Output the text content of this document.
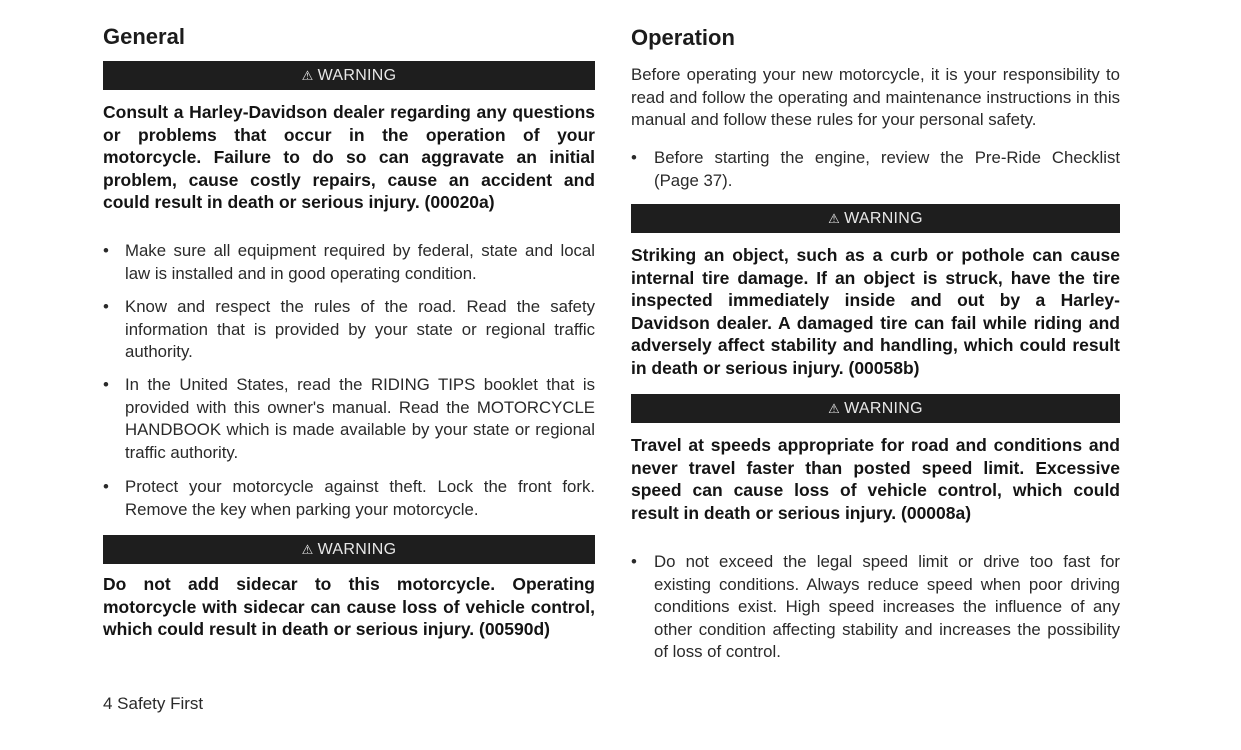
General
⚠ WARNING
Consult a Harley-Davidson dealer regarding any questions or problems that occur in the operation of your motorcycle. Failure to do so can aggravate an initial problem, cause costly repairs, cause an accident and could result in death or serious injury. (00020a)
• Make sure all equipment required by federal, state and local law is installed and in good operating condition.
• Know and respect the rules of the road. Read the safety information that is provided by your state or regional traffic authority.
• In the United States, read the RIDING TIPS booklet that is provided with this owner's manual. Read the MOTORCYCLE HANDBOOK which is made available by your state or regional traffic authority.
• Protect your motorcycle against theft. Lock the front fork. Remove the key when parking your motorcycle.
⚠ WARNING
Do not add sidecar to this motorcycle. Operating motorcycle with sidecar can cause loss of vehicle control, which could result in death or serious injury. (00590d)
Operation
Before operating your new motorcycle, it is your responsibility to read and follow the operating and maintenance instructions in this manual and follow these rules for your personal safety.
• Before starting the engine, review the Pre-Ride Checklist (Page 37).
⚠ WARNING
Striking an object, such as a curb or pothole can cause internal tire damage. If an object is struck, have the tire inspected immediately inside and out by a Harley-Davidson dealer. A damaged tire can fail while riding and adversely affect stability and handling, which could result in death or serious injury. (00058b)
⚠ WARNING
Travel at speeds appropriate for road and conditions and never travel faster than posted speed limit. Excessive speed can cause loss of vehicle control, which could result in death or serious injury. (00008a)
• Do not exceed the legal speed limit or drive too fast for existing conditions. Always reduce speed when poor driving conditions exist. High speed increases the influence of any other condition affecting stability and increases the possibility of loss of control.
4 Safety First
